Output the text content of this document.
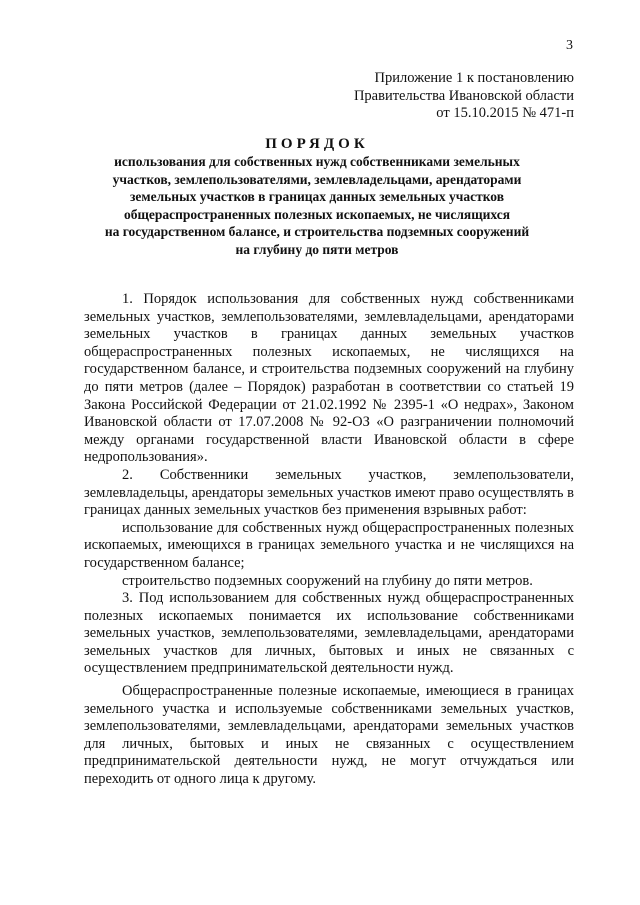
3
Приложение 1 к постановлению
Правительства Ивановской области
от 15.10.2015 № 471-п
ПОРЯДОК
использования для собственных нужд собственниками земельных
участков, землепользователями, землевладельцами, арендаторами
земельных участков в границах данных земельных участков
общераспространенных полезных ископаемых, не числящихся
на государственном балансе, и строительства подземных сооружений
на глубину до пяти метров

1. Порядок использования для собственных нужд собственниками земельных участков, землепользователями, землевладельцами, арендаторами земельных участков в границах данных земельных участков общераспространенных полезных ископаемых, не числящихся на государственном балансе, и строительства подземных сооружений на глубину до пяти метров (далее – Порядок) разработан в соответствии со статьей 19 Закона Российской Федерации от 21.02.1992 № 2395-1 «О недрах», Законом Ивановской области от 17.07.2008 № 92-ОЗ «О разграничении полномочий между органами государственной власти Ивановской области в сфере недропользования».

2. Собственники земельных участков, землепользователи, землевладельцы, арендаторы земельных участков имеют право осуществлять в границах данных земельных участков без применения взрывных работ:

использование для собственных нужд общераспространенных полезных ископаемых, имеющихся в границах земельного участка и не числящихся на государственном балансе;

строительство подземных сооружений на глубину до пяти метров.

3. Под использованием для собственных нужд общераспространенных полезных ископаемых понимается их использование собственниками земельных участков, землепользователями, землевладельцами, арендаторами земельных участков для личных, бытовых и иных не связанных с осуществлением предпринимательской деятельности нужд.

Общераспространенные полезные ископаемые, имеющиеся в границах земельного участка и используемые собственниками земельных участков, землепользователями, землевладельцами, арендаторами земельных участков для личных, бытовых и иных не связанных с осуществлением предпринимательской деятельности нужд, не могут отчуждаться или переходить от одного лица к другому.
